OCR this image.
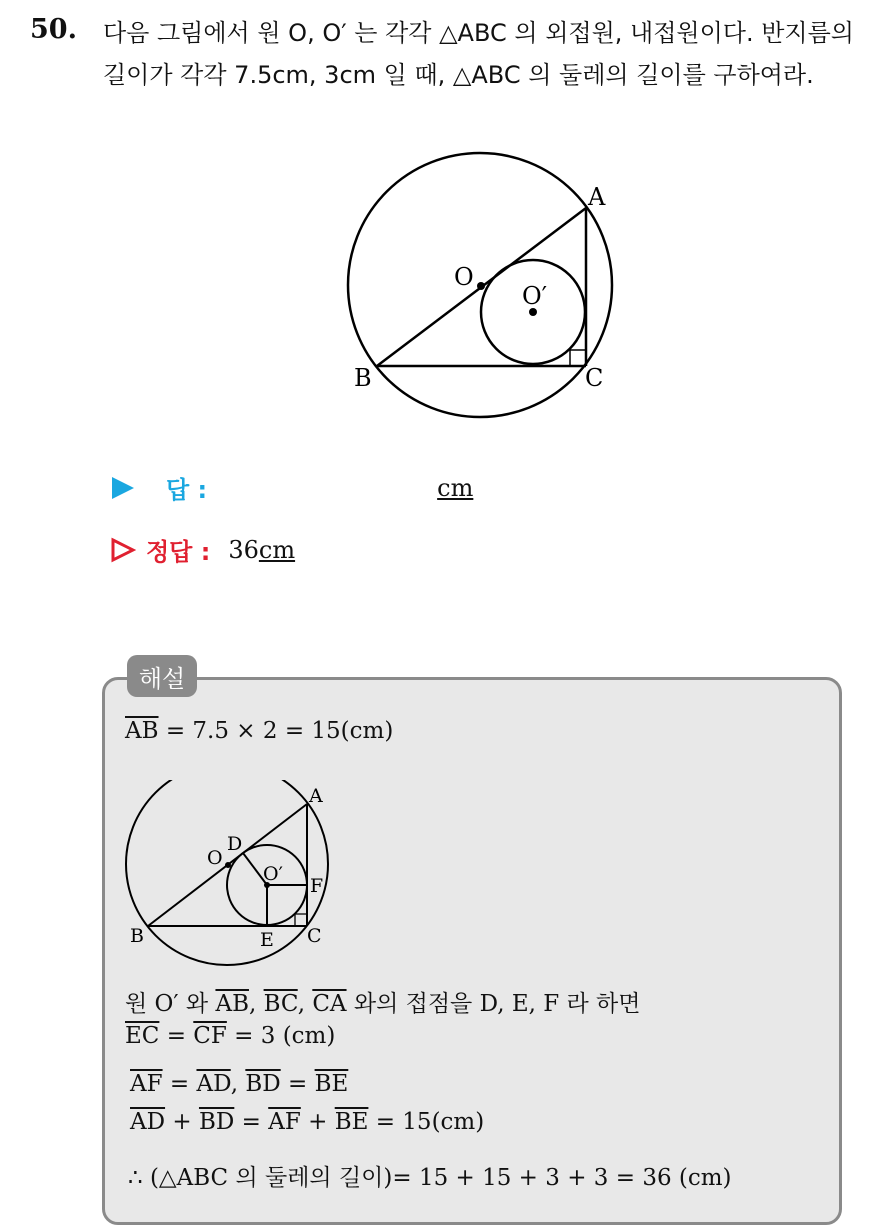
50. 다음 그림에서 원 O, O′ 는 각각 △ABC 의 외접원, 내접원이다. 반지름의 길이가 각각 7.5cm, 3cm 일 때, △ABC 의 둘레의 길이를 구하여라.
A
B	C
O
O′
답 :	cm
정답 : 36 cm
해설
$\overline{AB} = 7.5 \times 2 = 15(cm)$
A
B	C
O
D
O′
E
F
원 O′ 와 $\overline{AB}$, $\overline{BC}$, $\overline{CA}$ 와의 접점을 D, E, F 라 하면
$\overline{EC} = \overline{CF} = 3$ (cm)
$\overline{AF} = \overline{AD}$, $\overline{BD} = \overline{BE}$
$\overline{AD} + \overline{BD} = \overline{AF} + \overline{BE} = 15(cm)$
∴ (△ABC 의 둘레의 길이)= 15 + 15 + 3 + 3 = 36 (cm)
